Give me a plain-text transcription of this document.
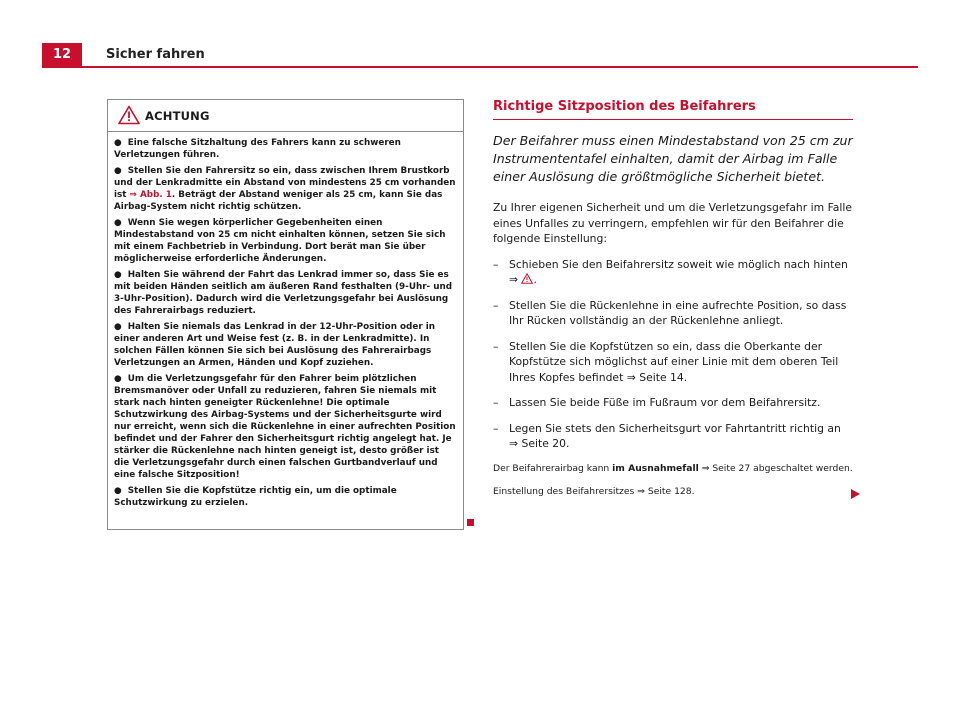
12	Sicher fahren
ACHTUNG

● Eine falsche Sitzhaltung des Fahrers kann zu schweren Verletzungen führen.

● Stellen Sie den Fahrersitz so ein, dass zwischen Ihrem Brustkorb und der Lenkradmitte ein Abstand von mindestens 25 cm vorhanden ist ⇒ Abb. 1. Beträgt der Abstand weniger als 25 cm, kann Sie das Airbag-System nicht richtig schützen.

● Wenn Sie wegen körperlicher Gegebenheiten einen Mindestabstand von 25 cm nicht einhalten können, setzen Sie sich mit einem Fachbetrieb in Verbindung. Dort berät man Sie über möglicherweise erforderliche Änderungen.

● Halten Sie während der Fahrt das Lenkrad immer so, dass Sie es mit beiden Händen seitlich am äußeren Rand festhalten (9-Uhr- und 3-Uhr-Position). Dadurch wird die Verletzungsgefahr bei Auslösung des Fahrerairbags reduziert.

● Halten Sie niemals das Lenkrad in der 12-Uhr-Position oder in einer anderen Art und Weise fest (z. B. in der Lenkradmitte). In solchen Fällen können Sie sich bei Auslösung des Fahrerairbags Verletzungen an Armen, Händen und Kopf zuziehen.

● Um die Verletzungsgefahr für den Fahrer beim plötzlichen Bremsmanöver oder Unfall zu reduzieren, fahren Sie niemals mit stark nach hinten geneigter Rückenlehne! Die optimale Schutzwirkung des Airbag-Systems und der Sicherheitsgurte wird nur erreicht, wenn sich die Rückenlehne in einer aufrechten Position befindet und der Fahrer den Sicherheitsgurt richtig angelegt hat. Je stärker die Rückenlehne nach hinten geneigt ist, desto größer ist die Verletzungsgefahr durch einen falschen Gurtbandverlauf und eine falsche Sitzposition!

● Stellen Sie die Kopfstütze richtig ein, um die optimale Schutzwirkung zu erzielen.

Richtige Sitzposition des Beifahrers

Der Beifahrer muss einen Mindestabstand von 25 cm zur Instrumententafel einhalten, damit der Airbag im Falle einer Auslösung die größtmögliche Sicherheit bietet.

Zu Ihrer eigenen Sicherheit und um die Verletzungsgefahr im Falle eines Unfalles zu verringern, empfehlen wir für den Beifahrer die folgende Einstellung:

– Schieben Sie den Beifahrersitz soweit wie möglich nach hinten
⇒ .
– Stellen Sie die Rückenlehne in eine aufrechte Position, so dass Ihr Rücken vollständig an der Rückenlehne anliegt.
– Stellen Sie die Kopfstützen so ein, dass die Oberkante der Kopfstütze sich möglichst auf einer Linie mit dem oberen Teil Ihres Kopfes befindet ⇒ Seite 14.
– Lassen Sie beide Füße im Fußraum vor dem Beifahrersitz.
– Legen Sie stets den Sicherheitsgurt vor Fahrtantritt richtig an ⇒ Seite 20.

Der Beifahrerairbag kann im Ausnahmefall ⇒ Seite 27 abgeschaltet werden.

Einstellung des Beifahrersitzes ⇒ Seite 128.
